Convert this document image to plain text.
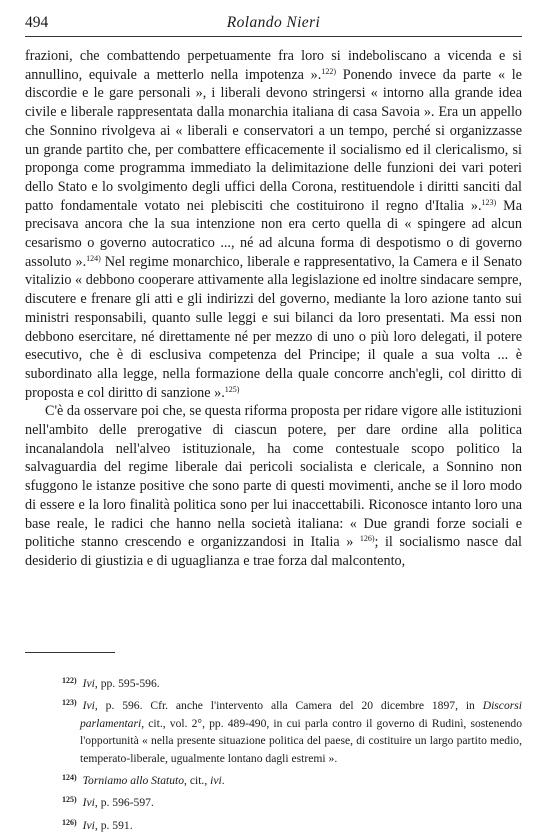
494	Rolando Nieri

frazioni, che combattendo perpetuamente fra loro si indeboliscano a vicenda e si annullino, equivale a metterlo nella impotenza ».$^{122)}$ Ponendo invece da parte « le discordie e le gare personali », i liberali devono stringersi « intorno alla grande idea civile e liberale rappresentata dalla monarchia italiana di casa Savoia ». Era un appello che Sonnino rivolgeva ai « liberali e conservatori a un tempo, perché si organizzasse un grande partito che, per combattere efficacemente il socialismo ed il clericalismo, si proponga come programma immediato la delimitazione delle funzioni dei vari poteri dello Stato e lo svolgimento degli uffici della Corona, restituendole i diritti sanciti dal patto fondamentale votato nei plebisciti che costituirono il regno d'Italia ».$^{123)}$ Ma precisava ancora che la sua intenzione non era certo quella di « spingere ad alcun cesarismo o governo autocratico ..., né ad alcuna forma di despotismo o di governo assoluto ».$^{124)}$ Nel regime monarchico, liberale e rappresentativo, la Camera e il Senato vitalizio « debbono cooperare attivamente alla legislazione ed inoltre sindacare sempre, discutere e frenare gli atti e gli indirizzi del governo, mediante la loro azione tanto sui ministri responsabili, quanto sulle leggi e sui bilanci da loro presentati. Ma essi non debbono esercitare, né direttamente né per mezzo di uno o più loro delegati, il potere esecutivo, che è di esclusiva competenza del Principe; il quale a sua volta ... è subordinato alla legge, nella formazione della quale concorre anch'egli, col diritto di proposta e col diritto di sanzione ».$^{125)}$

C'è da osservare poi che, se questa riforma proposta per ridare vigore alle istituzioni nell'ambito delle prerogative di ciascun potere, per dare ordine alla politica incanalandola nell'alveo istituzionale, ha come contestuale scopo politico la salvaguardia del regime liberale dai pericoli socialista e clericale, a Sonnino non sfuggono le istanze positive che sono parte di questi movimenti, anche se il loro modo di essere e la loro finalità politica sono per lui inaccettabili. Riconosce intanto loro una base reale, le radici che hanno nella società italiana: « Due grandi forze sociali e politiche stanno crescendo e organizzandosi in Italia » $^{126)}$; il socialismo nasce dal desiderio di giustizia e di uguaglianza e trae forza dal malcontento,

$^{122)}$ Ivi, pp. 595-596.

$^{123)}$ Ivi, p. 596. Cfr. anche l'intervento alla Camera del 20 dicembre 1897, in Discorsi parlamentari, cit., vol. 2°, pp. 489-490, in cui parla contro il governo di Rudinì, sostenendo l'opportunità « nella presente situazione politica del paese, di costituire un largo partito medio, temperato-liberale, ugualmente lontano dagli estremi ».

$^{124)}$ Torniamo allo Statuto, cit., ivi.

$^{125)}$ Ivi, p. 596-597.

$^{126)}$ Ivi, p. 591.
